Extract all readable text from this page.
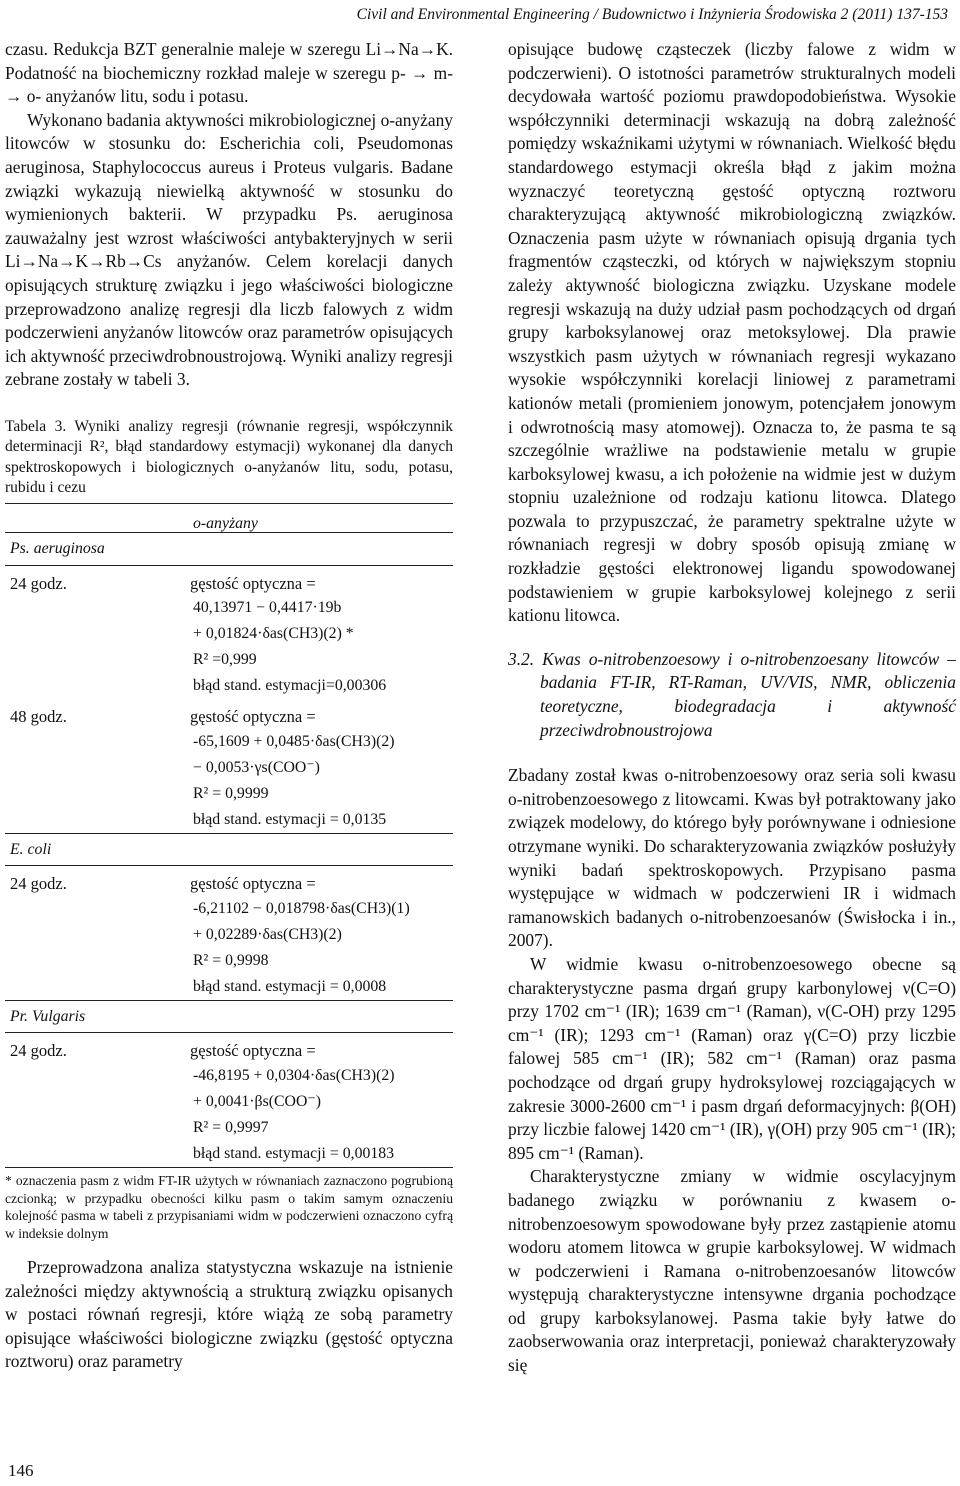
Civil and Environmental Engineering / Budownictwo i Inżynieria Środowiska 2 (2011) 137-153

czasu. Redukcja BZT generalnie maleje w szeregu Li→Na→K. Podatność na biochemiczny rozkład maleje w szeregu p- → m- → o- anyżanów litu, sodu i potasu.

Wykonano badania aktywności mikrobiologicznej o-anyżany litowców w stosunku do: Escherichia coli, Pseudomonas aeruginosa, Staphylococcus aureus i Proteus vulgaris. Badane związki wykazują niewielką aktywność w stosunku do wymienionych bakterii. W przypadku Ps. aeruginosa zauważalny jest wzrost właściwości antybakteryjnych w serii Li→Na→K→Rb→Cs anyżanów. Celem korelacji danych opisujących strukturę związku i jego właściwości biologiczne przeprowadzono analizę regresji dla liczb falowych z widm podczerwieni anyżanów litowców oraz parametrów opisujących ich aktywność przeciwdrobnoustrojową. Wyniki analizy regresji zebrane zostały w tabeli 3.

Tabela 3. Wyniki analizy regresji (równanie regresji, współczynnik determinacji R², błąd standardowy estymacji) wykonanej dla danych spektroskopowych i biologicznych o-anyżanów litu, sodu, potasu, rubidu i cezu

o-anyżany
Ps. aeruginosa
24 godz.	gęstość optyczna =
40,13971 − 0,4417·19b
+ 0,01824·δas(CH3)(2) *
R² =0,999
błąd stand. estymacji=0,00306
48 godz.	gęstość optyczna =
-65,1609 + 0,0485·δas(CH3)(2)
− 0,0053·γs(COO⁻)
R² = 0,9999
błąd stand. estymacji = 0,0135
E. coli
24 godz.	gęstość optyczna =
-6,21102 − 0,018798·δas(CH3)(1)
+ 0,02289·δas(CH3)(2)
R² = 0,9998
błąd stand. estymacji = 0,0008
Pr. Vulgaris
24 godz.	gęstość optyczna =
-46,8195 + 0,0304·δas(CH3)(2)
+ 0,0041·βs(COO⁻)
R² = 0,9997
błąd stand. estymacji = 0,00183

* oznaczenia pasm z widm FT-IR użytych w równaniach zaznaczono pogrubioną czcionką; w przypadku obecności kilku pasm o takim samym oznaczeniu kolejność pasma w tabeli z przypisaniami widm w podczerwieni oznaczono cyfrą w indeksie dolnym

Przeprowadzona analiza statystyczna wskazuje na istnienie zależności między aktywnością a strukturą związku opisanych w postaci równań regresji, które wiążą ze sobą parametry opisujące właściwości biologiczne związku (gęstość optyczna roztworu) oraz parametry

opisujące budowę cząsteczek (liczby falowe z widm w podczerwieni). O istotności parametrów strukturalnych modeli decydowała wartość poziomu prawdopodobieństwa. Wysokie współczynniki determinacji wskazują na dobrą zależność pomiędzy wskaźnikami użytymi w równaniach. Wielkość błędu standardowego estymacji określa błąd z jakim można wyznaczyć teoretyczną gęstość optyczną roztworu charakteryzującą aktywność mikrobiologiczną związków. Oznaczenia pasm użyte w równaniach opisują drgania tych fragmentów cząsteczki, od których w największym stopniu zależy aktywność biologiczna związku. Uzyskane modele regresji wskazują na duży udział pasm pochodzących od drgań grupy karboksylanowej oraz metoksylowej. Dla prawie wszystkich pasm użytych w równaniach regresji wykazano wysokie współczynniki korelacji liniowej z parametrami kationów metali (promieniem jonowym, potencjałem jonowym i odwrotnością masy atomowej). Oznacza to, że pasma te są szczególnie wrażliwe na podstawienie metalu w grupie karboksylowej kwasu, a ich położenie na widmie jest w dużym stopniu uzależnione od rodzaju kationu litowca. Dlatego pozwala to przypuszczać, że parametry spektralne użyte w równaniach regresji w dobry sposób opisują zmianę w rozkładzie gęstości elektronowej ligandu spowodowanej podstawieniem w grupie karboksylowej kolejnego z serii kationu litowca.

3.2. Kwas o-nitrobenzoesowy i o-nitrobenzoesany litowców – badania FT-IR, RT-Raman, UV/VIS, NMR, obliczenia teoretyczne, biodegradacja i aktywność przeciwdrobnoustrojowa

Zbadany został kwas o-nitrobenzoesowy oraz seria soli kwasu o-nitrobenzoesowego z litowcami. Kwas był potraktowany jako związek modelowy, do którego były porównywane i odniesione otrzymane wyniki. Do scharakteryzowania związków posłużyły wyniki badań spektroskopowych. Przypisano pasma występujące w widmach w podczerwieni IR i widmach ramanowskich badanych o-nitrobenzoesanów (Świsłocka i in., 2007).

W widmie kwasu o-nitrobenzoesowego obecne są charakterystyczne pasma drgań grupy karbonylowej ν(C=O) przy 1702 cm⁻¹ (IR); 1639 cm⁻¹ (Raman), ν(C-OH) przy 1295 cm⁻¹ (IR); 1293 cm⁻¹ (Raman) oraz γ(C=O) przy liczbie falowej 585 cm⁻¹ (IR); 582 cm⁻¹ (Raman) oraz pasma pochodzące od drgań grupy hydroksylowej rozciągających w zakresie 3000-2600 cm⁻¹ i pasm drgań deformacyjnych: β(OH) przy liczbie falowej 1420 cm⁻¹ (IR), γ(OH) przy 905 cm⁻¹ (IR); 895 cm⁻¹ (Raman).

Charakterystyczne zmiany w widmie oscylacyjnym badanego związku w porównaniu z kwasem o-nitrobenzoesowym spowodowane były przez zastąpienie atomu wodoru atomem litowca w grupie karboksylowej. W widmach w podczerwieni i Ramana o-nitrobenzoesanów litowców występują charakterystyczne intensywne drgania pochodzące od grupy karboksylanowej. Pasma takie były łatwe do zaobserwowania oraz interpretacji, ponieważ charakteryzowały się

146
